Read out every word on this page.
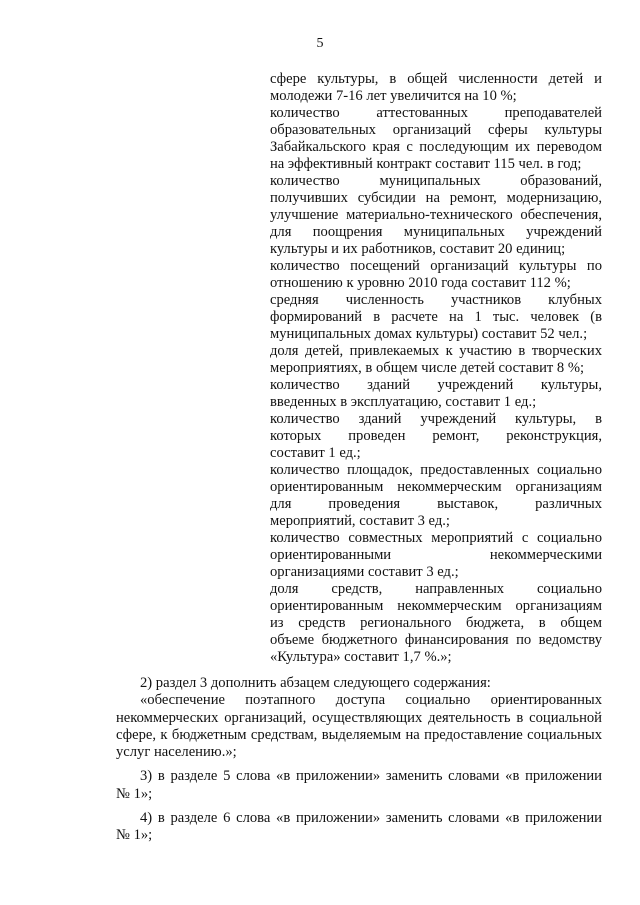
5
сфере культуры, в общей численности детей и
молодежи 7-16 лет увеличится на 10 %;
количество аттестованных преподавателей
образовательных организаций сферы культуры
Забайкальского края с последующим их переводом
на эффективный контракт составит 115 чел. в год;
количество муниципальных образований,
получивших субсидии на ремонт, модернизацию,
улучшение материально-технического обеспечения,
для поощрения муниципальных учреждений
культуры и их работников, составит 20 единиц;
количество посещений организаций культуры по
отношению к уровню 2010 года составит 112 %;
средняя численность участников клубных
формирований в расчете на 1 тыс. человек (в
муниципальных домах культуры) составит 52 чел.;
доля детей, привлекаемых к участию в творческих
мероприятиях, в общем числе детей составит 8 %;
количество зданий учреждений культуры,
введенных в эксплуатацию, составит 1 ед.;
количество зданий учреждений культуры, в
которых проведен ремонт, реконструкция,
составит 1 ед.;
количество площадок, предоставленных социально
ориентированным некоммерческим организациям
для проведения выставок, различных
мероприятий, составит 3 ед.;
количество совместных мероприятий с социально
ориентированными некоммерческими
организациями составит 3 ед.;
доля средств, направленных социально
ориентированным некоммерческим организациям
из средств регионального бюджета, в общем
объеме бюджетного финансирования по ведомству
«Культура» составит 1,7 %.»;
2) раздел 3 дополнить абзацем следующего содержания:
«обеспечение поэтапного доступа социально ориентированных
некоммерческих организаций, осуществляющих деятельность в социальной
сфере, к бюджетным средствам, выделяемым на предоставление социальных
услуг населению.»;
3) в разделе 5 слова «в приложении» заменить словами «в приложении
№ 1»;
4) в разделе 6 слова «в приложении» заменить словами «в приложении
№ 1»;
